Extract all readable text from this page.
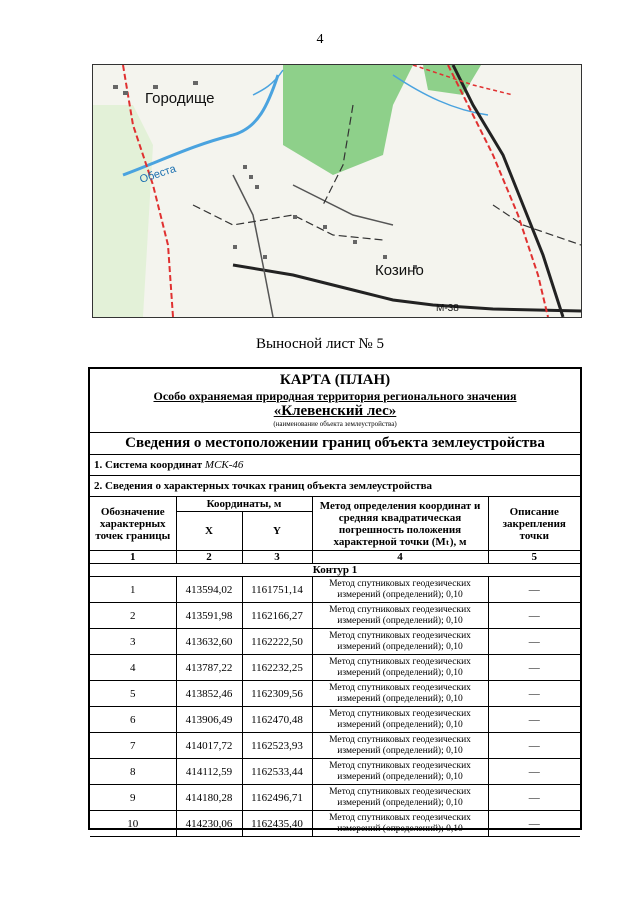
4
Городище
Козино
Обеста
М-38
Выносной лист № 5
КАРТА (ПЛАН)
Особо охраняемая природная территория регионального значения
«Клевенский лес»
(наименование объекта землеустройства)
Сведения о местоположении границ объекта землеустройства
1. Система координат МСК-46
2. Сведения о характерных точках границ объекта землеустройства
Обозначение характерных точек границы	Координаты, м		Метод определения координат и средняя квадратическая погрешность положения характерной точки (Mₜ), м	Описание закрепления точки
	X	Y		
1	2	3	4	5
Контур 1				
1	413594,02	1161751,14	Метод спутниковых геодезических измерений (определений); 0,10	—
2	413591,98	1162166,27	Метод спутниковых геодезических измерений (определений); 0,10	—
3	413632,60	1162222,50	Метод спутниковых геодезических измерений (определений); 0,10	—
4	413787,22	1162232,25	Метод спутниковых геодезических измерений (определений); 0,10	—
5	413852,46	1162309,56	Метод спутниковых геодезических измерений (определений); 0,10	—
6	413906,49	1162470,48	Метод спутниковых геодезических измерений (определений); 0,10	—
7	414017,72	1162523,93	Метод спутниковых геодезических измерений (определений); 0,10	—
8	414112,59	1162533,44	Метод спутниковых геодезических измерений (определений); 0,10	—
9	414180,28	1162496,71	Метод спутниковых геодезических измерений (определений); 0,10	—
10	414230,06	1162435,40	Метод спутниковых геодезических измерений (определений); 0,10	—
